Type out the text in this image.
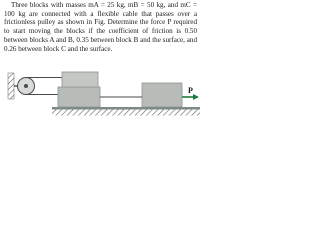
Three blocks with masses mA = 25 kg, mB = 50 kg, and mC = 100 kg are connected with a flexible cable that passes over a frictionless pulley as shown in Fig. Determine the force P required to start moving the blocks if the coefficient of friction is 0.50 between blocks A and B, 0.35 between block B and the surface, and 0.26 between block C and the surface.

P
